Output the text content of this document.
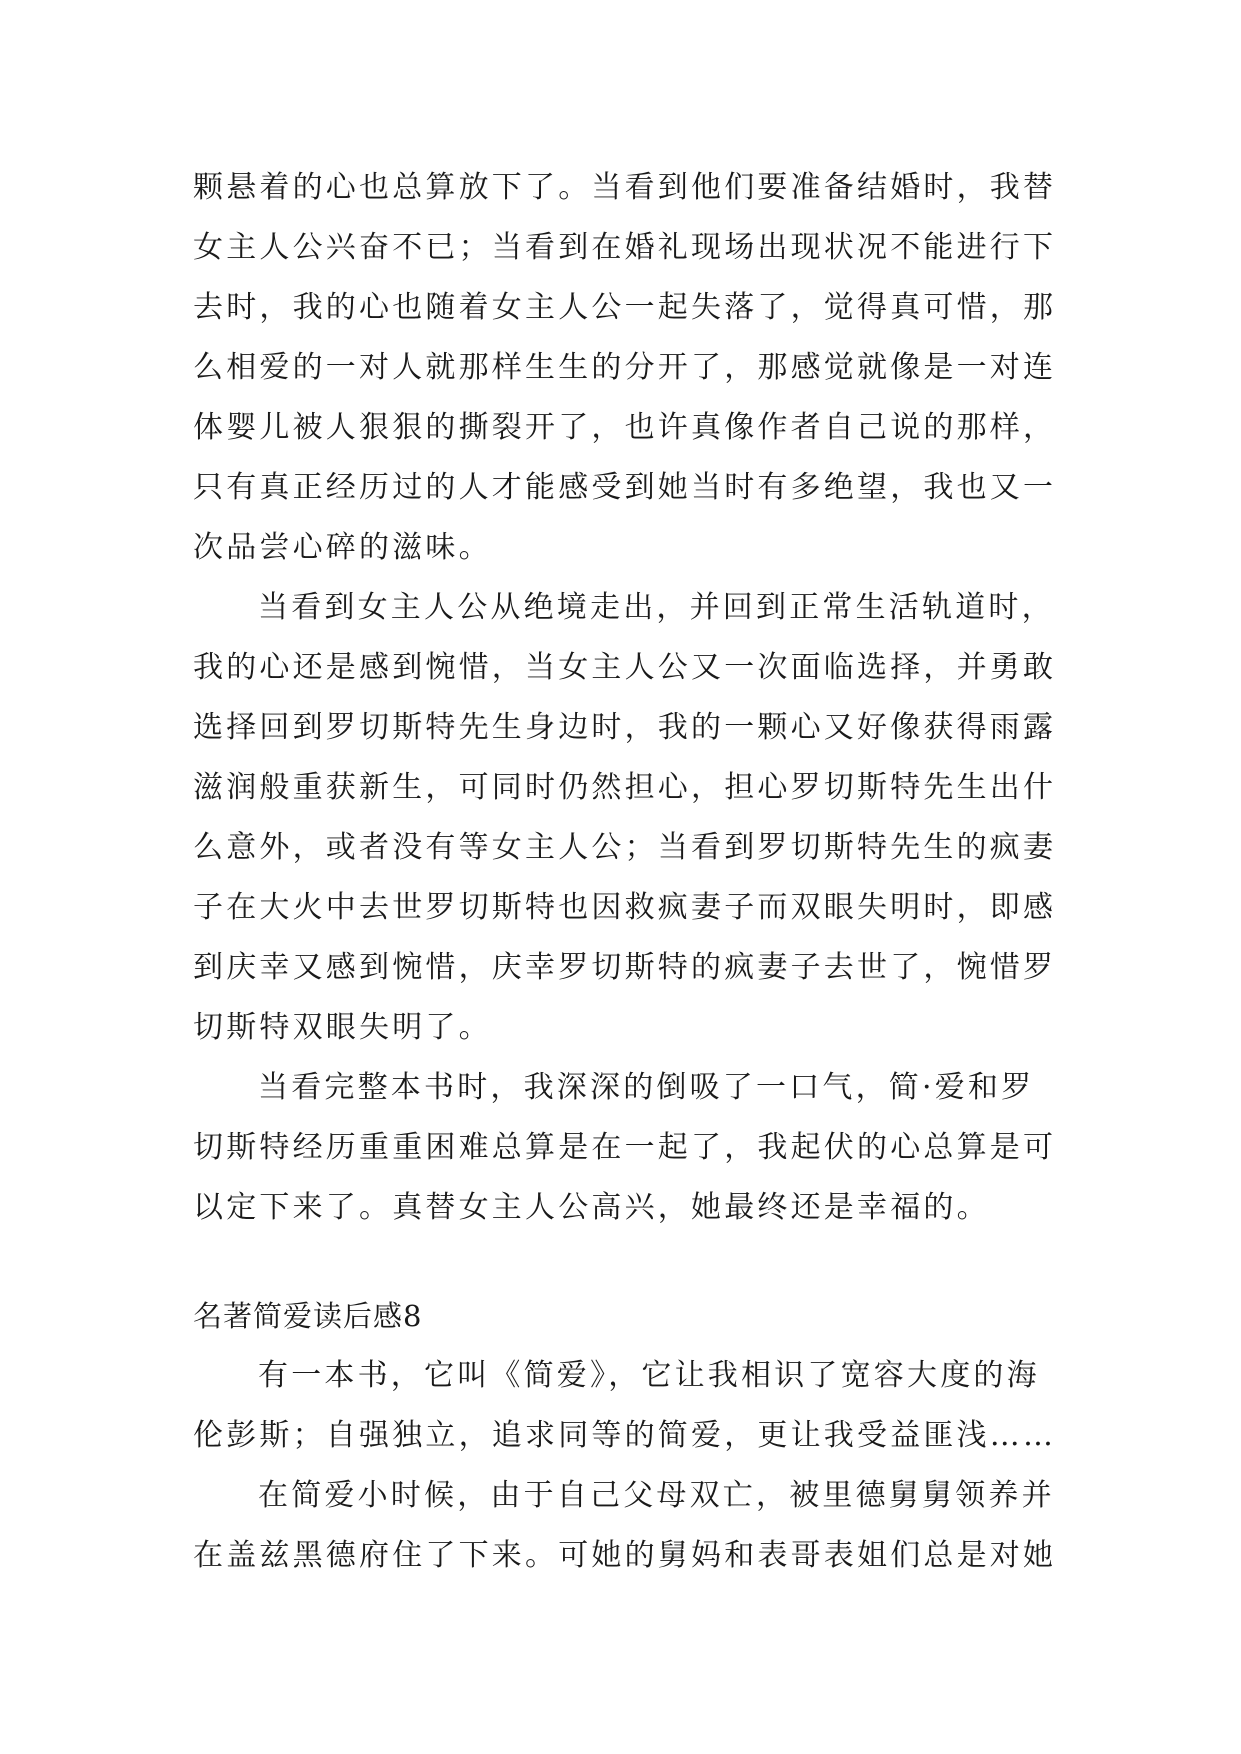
颗悬着的心也总算放下了。当看到他们要准备结婚时，我替
女主人公兴奋不已；当看到在婚礼现场出现状况不能进行下
去时，我的心也随着女主人公一起失落了，觉得真可惜，那
么相爱的一对人就那样生生的分开了，那感觉就像是一对连
体婴儿被人狠狠的撕裂开了，也许真像作者自己说的那样，
只有真正经历过的人才能感受到她当时有多绝望，我也又一
次品尝心碎的滋味。
当看到女主人公从绝境走出，并回到正常生活轨道时，
我的心还是感到惋惜，当女主人公又一次面临选择，并勇敢
选择回到罗切斯特先生身边时，我的一颗心又好像获得雨露
滋润般重获新生，可同时仍然担心，担心罗切斯特先生出什
么意外，或者没有等女主人公；当看到罗切斯特先生的疯妻
子在大火中去世罗切斯特也因救疯妻子而双眼失明时，即感
到庆幸又感到惋惜，庆幸罗切斯特的疯妻子去世了，惋惜罗
切斯特双眼失明了。
当看完整本书时，我深深的倒吸了一口气，简·爱和罗
切斯特经历重重困难总算是在一起了，我起伏的心总算是可
以定下来了。真替女主人公高兴，她最终还是幸福的。
名著简爱读后感8
有一本书，它叫《简爱》，它让我相识了宽容大度的海
伦彭斯；自强独立，追求同等的简爱，更让我受益匪浅……
在简爱小时候，由于自己父母双亡，被里德舅舅领养并
在盖兹黑德府住了下来。可她的舅妈和表哥表姐们总是对她
